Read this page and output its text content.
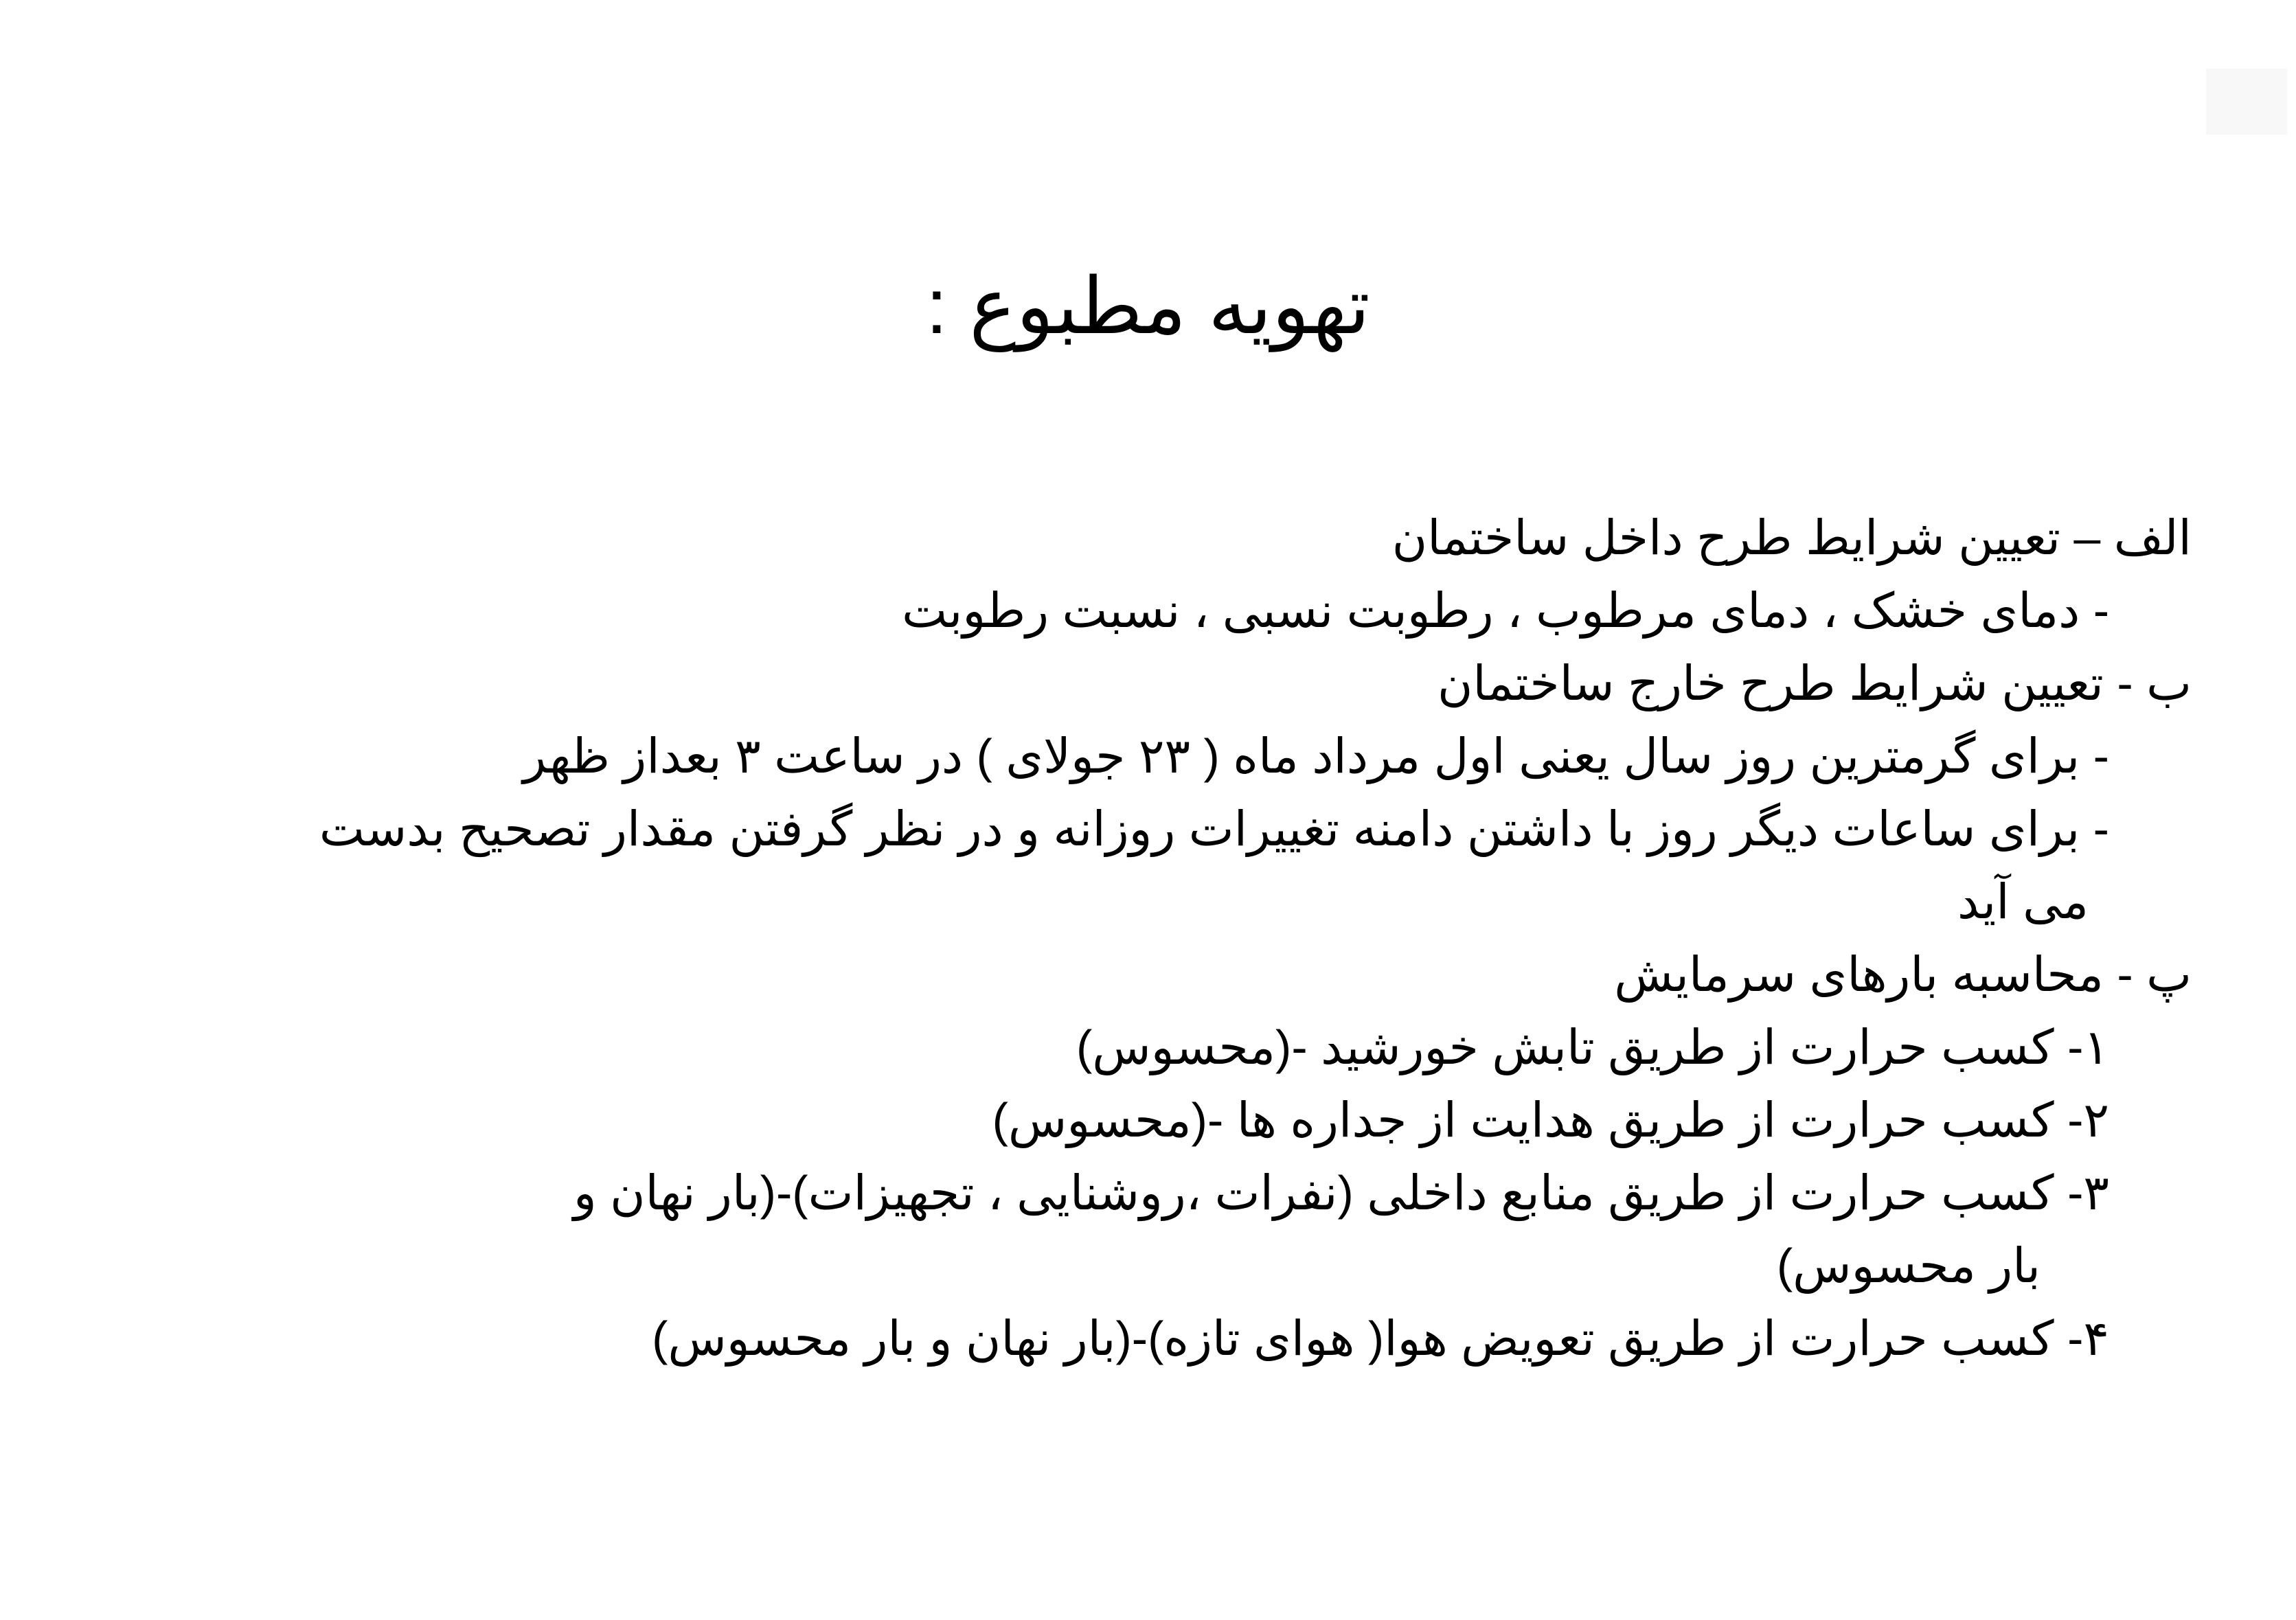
تهویه مطبوع :
الف – تعیین شرایط طرح داخل ساختمان
- دمای خشک ، دمای مرطوب ، رطوبت نسبی ، نسبت رطوبت
ب - تعیین شرایط طرح خارج ساختمان
- برای گرمترین روز سال یعنی اول مرداد ماه ( ۲۳ جولای ) در ساعت ۳ بعداز ظهر
- برای ساعات دیگر روز با داشتن دامنه تغییرات روزانه و در نظر گرفتن مقدار تصحیح بدست
می آید
پ - محاسبه بارهای سرمایش
۱- کسب حرارت از طریق تابش خورشید -(محسوس)
۲- کسب حرارت از طریق هدایت از جداره ها -(محسوس)
۳- کسب حرارت از طریق منابع داخلی (نفرات ،روشنایی ، تجهیزات)-(بار نهان و
بار محسوس)
۴- کسب حرارت از طریق تعویض هوا( هوای تازه)-(بار نهان و بار محسوس)
